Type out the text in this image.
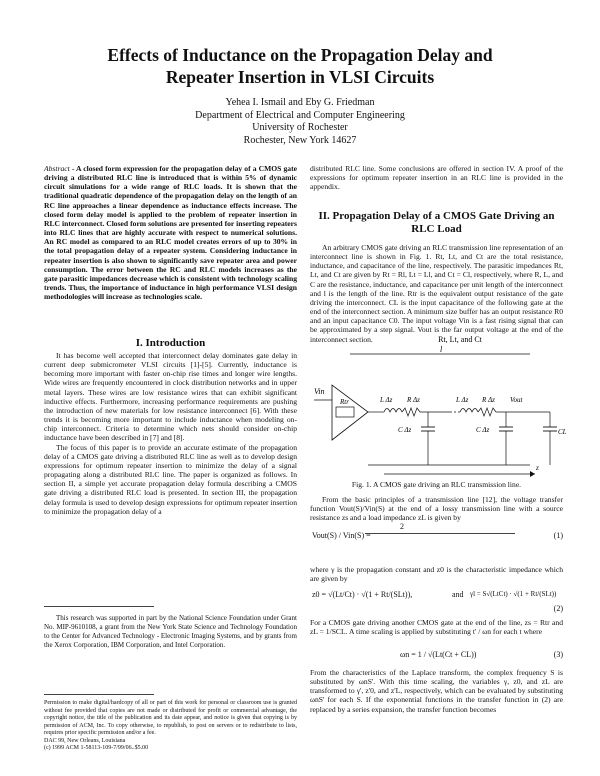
Effects of Inductance on the Propagation Delay and
Repeater Insertion in VLSI Circuits
Yehea I. Ismail and Eby G. Friedman
Department of Electrical and Computer Engineering
University of Rochester
Rochester, New York 14627
Abstract - A closed form expression for the propagation delay of a CMOS gate driving a distributed RLC line is introduced that is within 5% of dynamic circuit simulations for a wide range of RLC loads. It is shown that the traditional quadratic dependence of the propagation delay on the length of an RC line approaches a linear dependence as inductance effects increase. The closed form delay model is applied to the problem of repeater insertion in RLC interconnect. Closed form solutions are presented for inserting repeaters into RLC lines that are highly accurate with respect to numerical solutions. An RC model as compared to an RLC model creates errors of up to 30% in the total propagation delay of a repeater system. Considering inductance in repeater insertion is also shown to significantly save repeater area and power consumption. The error between the RC and RLC models increases as the gate parasitic impedances decrease which is consistent with technology scaling trends. Thus, the importance of inductance in high performance VLSI design methodologies will increase as technologies scale.
I. Introduction

It has become well accepted that interconnect delay dominates gate delay in current deep submicrometer VLSI circuits [1]-[5]. Currently, inductance is becoming more important with faster on-chip rise times and longer wire lengths. Wide wires are frequently encountered in clock distribution networks and in upper metal layers. These wires are low resistance wires that can exhibit significant inductive effects. Furthermore, increasing performance requirements are pushing the introduction of new materials for low resistance interconnect [6]. With these trends it is becoming more important to include inductance when modeling on-chip interconnect. Criteria to determine which nets should consider on-chip inductance have been described in [7] and [8].

The focus of this paper is to provide an accurate estimate of the propagation delay of a CMOS gate driving a distributed RLC line as well as to develop design expressions for optimum repeater insertion to minimize the delay of a signal propagating along a distributed RLC line. The paper is organized as follows. In section II, a simple yet accurate propagation delay formula describing a CMOS gate driving a distributed RLC load is presented. In section III, the propagation delay formula is used to develop design expressions for optimum repeater insertion to minimize the propagation delay of a

This research was supported in part by the National Science Foundation under Grant No. MIP-9610108, a grant from the New York State Science and Technology Foundation to the Center for Advanced Technology - Electronic Imaging Systems, and by grants from the Xerox Corporation, IBM Corporation, and Intel Corporation.

Permission to make digital/hardcopy of all or part of this work for personal or classroom use is granted without fee provided that copies are not made or distributed for profit or commercial advantage, the copyright notice, the title of the publication and its date appear, and notice is given that copying is by permission of ACM, Inc. To copy otherwise, to republish, to post on servers or to redistribute to lists, requires prior specific permission and/or a fee.

DAC 99, New Orleans, Louisiana

(c) 1999 ACM 1-58113-109-7/99/06..$5.00

distributed RLC line. Some conclusions are offered in section IV. A proof of the expressions for optimum repeater insertion in an RLC line is provided in the appendix.
II. Propagation Delay of a CMOS Gate Driving an RLC Load

An arbitrary CMOS gate driving an RLC transmission line representation of an interconnect line is shown in Fig. 1. Rt, Lt, and Ct are the total resistance, inductance, and capacitance of the line, respectively. The parasitic impedances Rt, Lt, and Ct are given by Rt = Rl, Lt = Ll, and Ct = Cl, respectively, where R, L, and C are the resistance, inductance, and capacitance per unit length of the interconnect and l is the length of the line. Rtr is the equivalent output resistance of the gate driving the interconnect. CL is the input capacitance of the following gate at the end of the interconnect section. A minimum size buffer has an output resistance R0 and an input capacitance C0. The input voltage Vin is a fast rising signal that can be approximated by a step signal. Vout is the far output voltage at the end of the interconnect section.	Rt, Lt, and Ct
l
Vin
Rtr	L Δz R Δz
C Δz
L Δz R Δz Vout
C Δz	CL
z
Fig. 1. A CMOS gate driving an RLC transmission line.

From the basic principles of a transmission line [12], the voltage transfer function Vout(S)/Vin(S) at the end of a lossy transmission line with a source resistance zs and a load impedance zL is given by

Vout(S) / Vin(S) =
2
(1)
where γ is the propagation constant and z0 is the characteristic impedance which are given by
z0 = √(Lt/Ct) · √(1 + Rt/(SLt)),	and γl = S√(LtCt) · √(1 + Rt/(SLt))
(2)
For a CMOS gate driving another CMOS gate at the end of the line, zs = Rtr and zL = 1/SCL. A time scaling is applied by substituting t' / ωn for each t where
ωn = 1 / √(Lt(Ct + CL))	(3)
From the characteristics of the Laplace transform, the complex frequency S is substituted by ωnS'. With this time scaling, the variables γ, z0, and zL are transformed to γ', z'0, and z'L, respectively, which can be evaluated by substituting ωnS' for each S. If the exponential functions in the transfer function in (2) are replaced by a series expansion, the transfer function becomes
